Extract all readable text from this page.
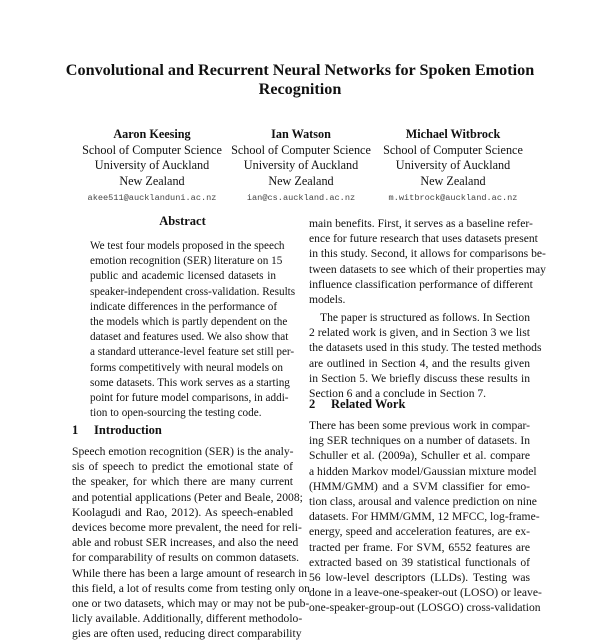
Convolutional and Recurrent Neural Networks for Spoken Emotion
Recognition
Aaron Keesing
School of Computer Science
University of Auckland
New Zealand
akee511@aucklanduni.ac.nz
Ian Watson
School of Computer Science
University of Auckland
New Zealand
ian@cs.auckland.ac.nz
Michael Witbrock
School of Computer Science
University of Auckland
New Zealand
m.witbrock@auckland.ac.nz
Abstract
We test four models proposed in the speech
emotion recognition (SER) literature on 15
public and academic licensed datasets in
speaker-independent cross-validation. Results
indicate differences in the performance of
the models which is partly dependent on the
dataset and features used. We also show that
a standard utterance-level feature set still per-
forms competitively with neural models on
some datasets. This work serves as a starting
point for future model comparisons, in addi-
tion to open-sourcing the testing code.
1 Introduction
Speech emotion recognition (SER) is the analy-
sis of speech to predict the emotional state of
the speaker, for which there are many current
and potential applications (Peter and Beale, 2008;
Koolagudi and Rao, 2012). As speech-enabled
devices become more prevalent, the need for reli-
able and robust SER increases, and also the need
for comparability of results on common datasets.
While there has been a large amount of research in
this field, a lot of results come from testing only on
one or two datasets, which may or may not be pub-
licly available. Additionally, different methodolo-
gies are often used, reducing direct comparability
main benefits. First, it serves as a baseline refer-
ence for future research that uses datasets present
in this study. Second, it allows for comparisons be-
tween datasets to see which of their properties may
influence classification performance of different
models.
The paper is structured as follows. In Section
2 related work is given, and in Section 3 we list
the datasets used in this study. The tested methods
are outlined in Section 4, and the results given
in Section 5. We briefly discuss these results in
Section 6 and a conclude in Section 7.
2 Related Work
There has been some previous work in compar-
ing SER techniques on a number of datasets. In
Schuller et al. (2009a), Schuller et al. compare
a hidden Markov model/Gaussian mixture model
(HMM/GMM) and a SVM classifier for emo-
tion class, arousal and valence prediction on nine
datasets. For HMM/GMM, 12 MFCC, log-frame-
energy, speed and acceleration features, are ex-
tracted per frame. For SVM, 6552 features are
extracted based on 39 statistical functionals of
56 low-level descriptors (LLDs). Testing was
done in a leave-one-speaker-out (LOSO) or leave-
one-speaker-group-out (LOSGO) cross-validation
